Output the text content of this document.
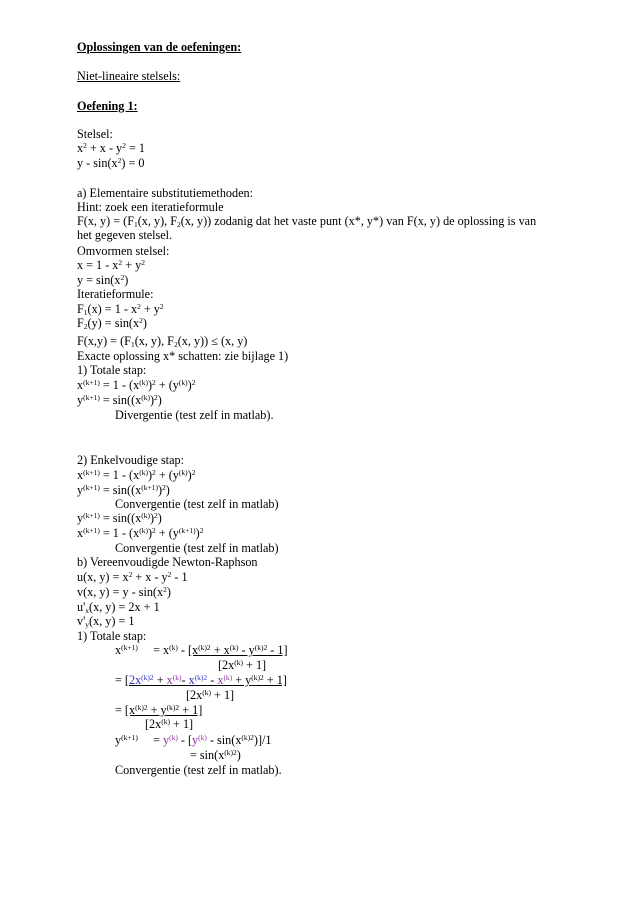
Oplossingen van de oefeningen:
Niet-lineaire stelsels:
Oefening 1:
Stelsel:
$x^2 + x - y^2 = 1$
$y - \sin(x^2) = 0$
a) Elementaire substitutiemethoden:
Hint: zoek een iteratieformule
F(x, $y) = (F_1(x$, y), $F_2(x$, y)) zodanig dat het vaste punt (x*, y*) van F(x, y) de oplossing is van het gegeven stelsel.
Omvormen stelsel:
$x = 1 - x^2 + y^2$
$y = \sin(x^2)$
Iteratieformule:
$F_1(x) = 1 - x^2 + y^2$
$F_2(y) = \sin(x^2)$
$F(x,y) = (F_1(x$, y), $F_2(x$, y)) ≤ (x, y)
Exacte oplossing x* schatten: zie bijlage 1)
1) Totale stap:
$x^{(k+1)} = 1 - (x^{(k)})^2 + (y^{(k)})^2$
$y^{(k+1)} = \sin((x^{(k)})^2)$
Divergentie (test zelf in matlab).
2) Enkelvoudige stap:
$x^{(k+1)} = 1 - (x^{(k)})^2 + (y^{(k)})^2$
$y^{(k+1)} = \sin((x^{(k+1)})^2)$
Convergentie (test zelf in matlab)
$y^{(k+1)} = \sin((x^{(k)})^2)$
$x^{(k+1)} = 1 - (x^{(k)})^2 + (y^{(k+1)})^2$
Convergentie (test zelf in matlab)
b) Vereenvoudigde Newton-Raphson
u(x, $y) = x^2 + x - y^2 - 1$
v(x, $y) = y - \sin(x^2)$
$u'_x(x$, y) = 2x + 1
$v'_y(x$, y) = 1
1) Totale stap:
$x^{(k+1)}$     = $x^{(k)} - [x^{(k)2} + x^{(k)} - y^{(k)2} - 1]$
$[2x^{(k)} + 1]$
= [$2x^{(k)2} + x^{(k)}-$ $x^{(k)2} - x^{(k)} + y^{(k)2} + 1$]
$[2x^{(k)} + 1]$
= $[x^{(k)2} + y^{(k)2} + 1]$
$[2x^{(k)} + 1]$
$y^{(k+1)}$     = $y^{(k)} - [y^{(k)} - \sin(x^{(k)2})]/1$
= $\sin(x^{(k)2})$
Convergentie (test zelf in matlab).
